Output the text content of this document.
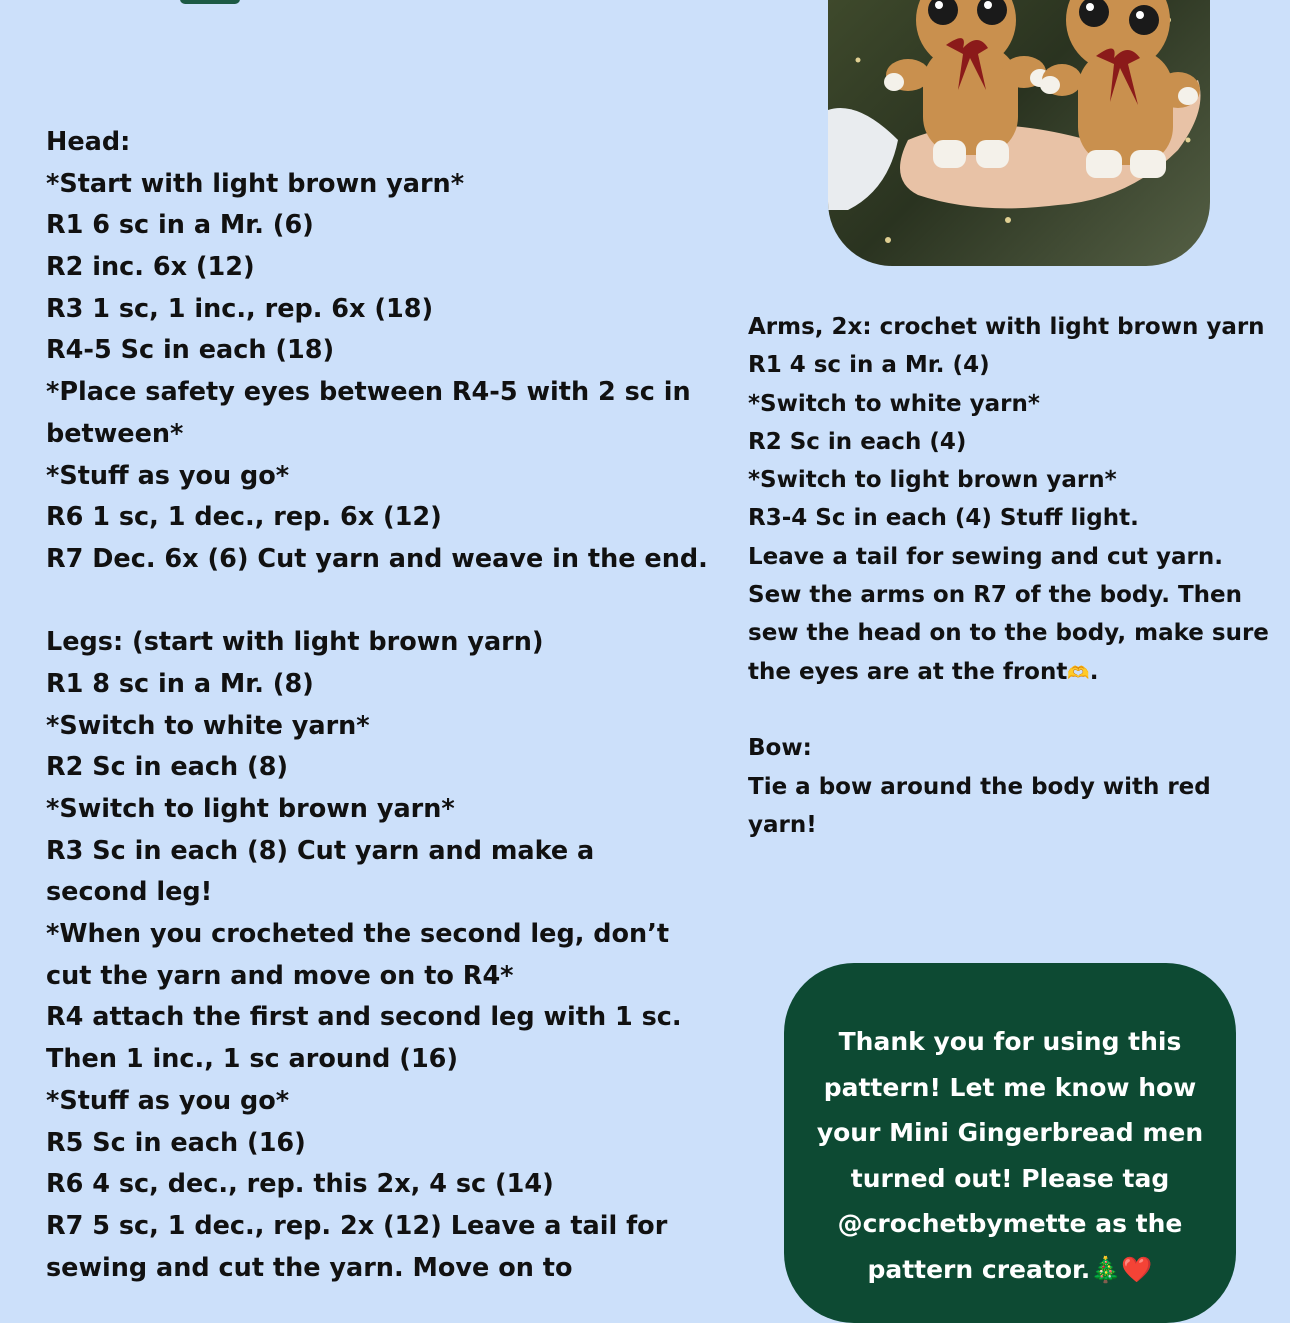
Head:
*Start with light brown yarn*
R1 6 sc in a Mr. (6)
R2 inc. 6x (12)
R3 1 sc, 1 inc., rep. 6x (18)
R4-5 Sc in each (18)
*Place safety eyes between R4-5 with 2 sc in
between*
*Stuff as you go*
R6 1 sc, 1 dec., rep. 6x (12)
R7 Dec. 6x (6) Cut yarn and weave in the end.
Legs: (start with light brown yarn)
R1 8 sc in a Mr. (8)
*Switch to white yarn*
R2 Sc in each (8)
*Switch to light brown yarn*
R3 Sc in each (8) Cut yarn and make a
second leg!
*When you crocheted the second leg, don’t
cut the yarn and move on to R4*
R4 attach the first and second leg with 1 sc.
Then 1 inc., 1 sc around (16)
*Stuff as you go*
R5 Sc in each (16)
R6 4 sc, dec., rep. this 2x, 4 sc (14)
R7 5 sc, 1 dec., rep. 2x (12) Leave a tail for
sewing and cut the yarn. Move on to
Arms, 2x: crochet with light brown yarn
R1 4 sc in a Mr. (4)
*Switch to white yarn*
R2 Sc in each (4)
*Switch to light brown yarn*
R3-4 Sc in each (4) Stuff light.
Leave a tail for sewing and cut yarn.
Sew the arms on R7 of the body. Then
sew the head on to the body, make sure
the eyes are at the front🫶.
Bow:
Tie a bow around the body with red
yarn!
Thank you for using this
pattern! Let me know how
your Mini Gingerbread men
turned out! Please tag
@crochetbymette as the
pattern creator.🎄❤️
